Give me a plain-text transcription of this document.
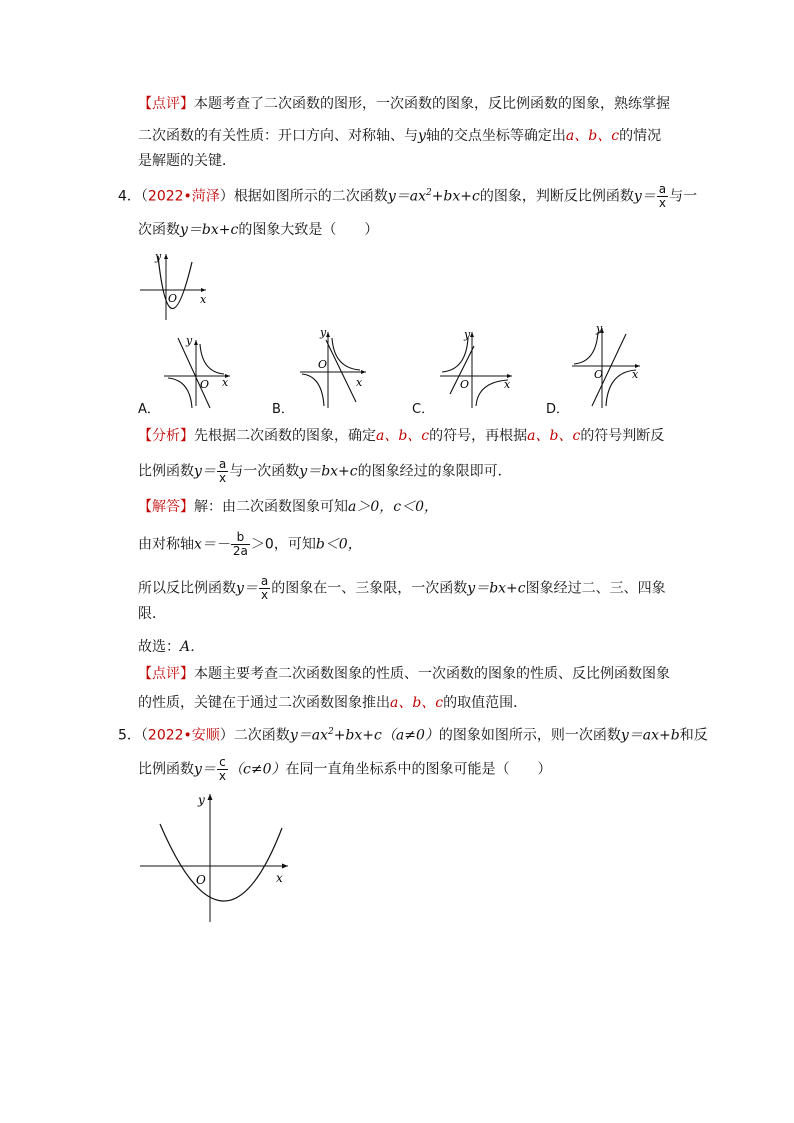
【点评】本题考查了二次函数的图形，一次函数的图象，反比例函数的图象，熟练掌握
二次函数的有关性质：开口方向、对称轴、与y轴的交点坐标等确定出a、b、c的情况
是解题的关键．
4．（2022•菏泽）根据如图所示的二次函数$y=ax^2+bx+c$的图象，判断反比例函数$y= \frac{a}{x}$ 与一
次函数y＝bx+c的图象大致是（　　）
y
O x
y
O x
A．
y
O
x
B．
y
O	x
C．
y
O	x
D．
【分析】先根据二次函数的图象，确定a、b、c的符号，再根据a、b、c的符号判断反
比例函数$y= \frac{a}{x}$ 与一次函数y＝bx+c的图象经过的象限即可．
【解答】解：由二次函数图象可知a＞0，c＜0，
由对称轴$x=- \frac{b}{2a} >0$，可知b＜0，
所以反比例函数$y= \frac{a}{x}$ 的图象在一、三象限，一次函数y＝bx+c图象经过二、三、四象
限．
故选：A．
【点评】本题主要考查二次函数图象的性质、一次函数的图象的性质、反比例函数图象
的性质，关键在于通过二次函数图象推出a、b、c的取值范围．
5．（2022•安顺）二次函数$y=ax^2+bx+c(a\ne 0)$的图象如图所示，则一次函数y＝ax+b和反
比例函数$y= \frac{c}{x} (c\ne 0)$在同一直角坐标系中的图象可能是（　　）
y
O	x
